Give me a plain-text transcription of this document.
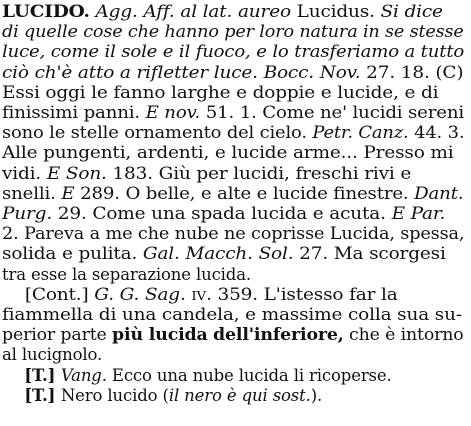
LUCIDO. Agg. Aff. al lat. aureo Lucidus. Si dice
di quelle cose che hanno per loro natura in se stesse
luce, come il sole e il fuoco, e lo trasferiamo a tutto
ciò ch'è atto a rifletter luce. Bocc. Nov. 27. 18. (C)
Essi oggi le fanno larghe e doppie e lucide, e di
finissimi panni. E nov. 51. 1. Come ne' lucidi sereni
sono le stelle ornamento del cielo. Petr. Canz. 44. 3.
Alle pungenti, ardenti, e lucide arme... Presso mi
vidi. E Son. 183. Giù per lucidi, freschi rivi e
snelli. E 289. O belle, e alte e lucide finestre. Dant.
Purg. 29. Come una spada lucida e acuta. E Par.
2. Pareva a me che nube ne coprisse Lucida, spessa,
solida e pulita. Gal. Macch. Sol. 27. Ma scorgesi
tra esse la separazione lucida.
[Cont.] G. G. Sag. iv. 359. L'istesso far la
fiammella di una candela, e massime colla sua su-
perior parte più lucida dell'inferiore, che è intorno
al lucignolo.
[T.] Vang. Ecco una nube lucida li ricoperse.
[T.] Nero lucido (il nero è qui sost.).
